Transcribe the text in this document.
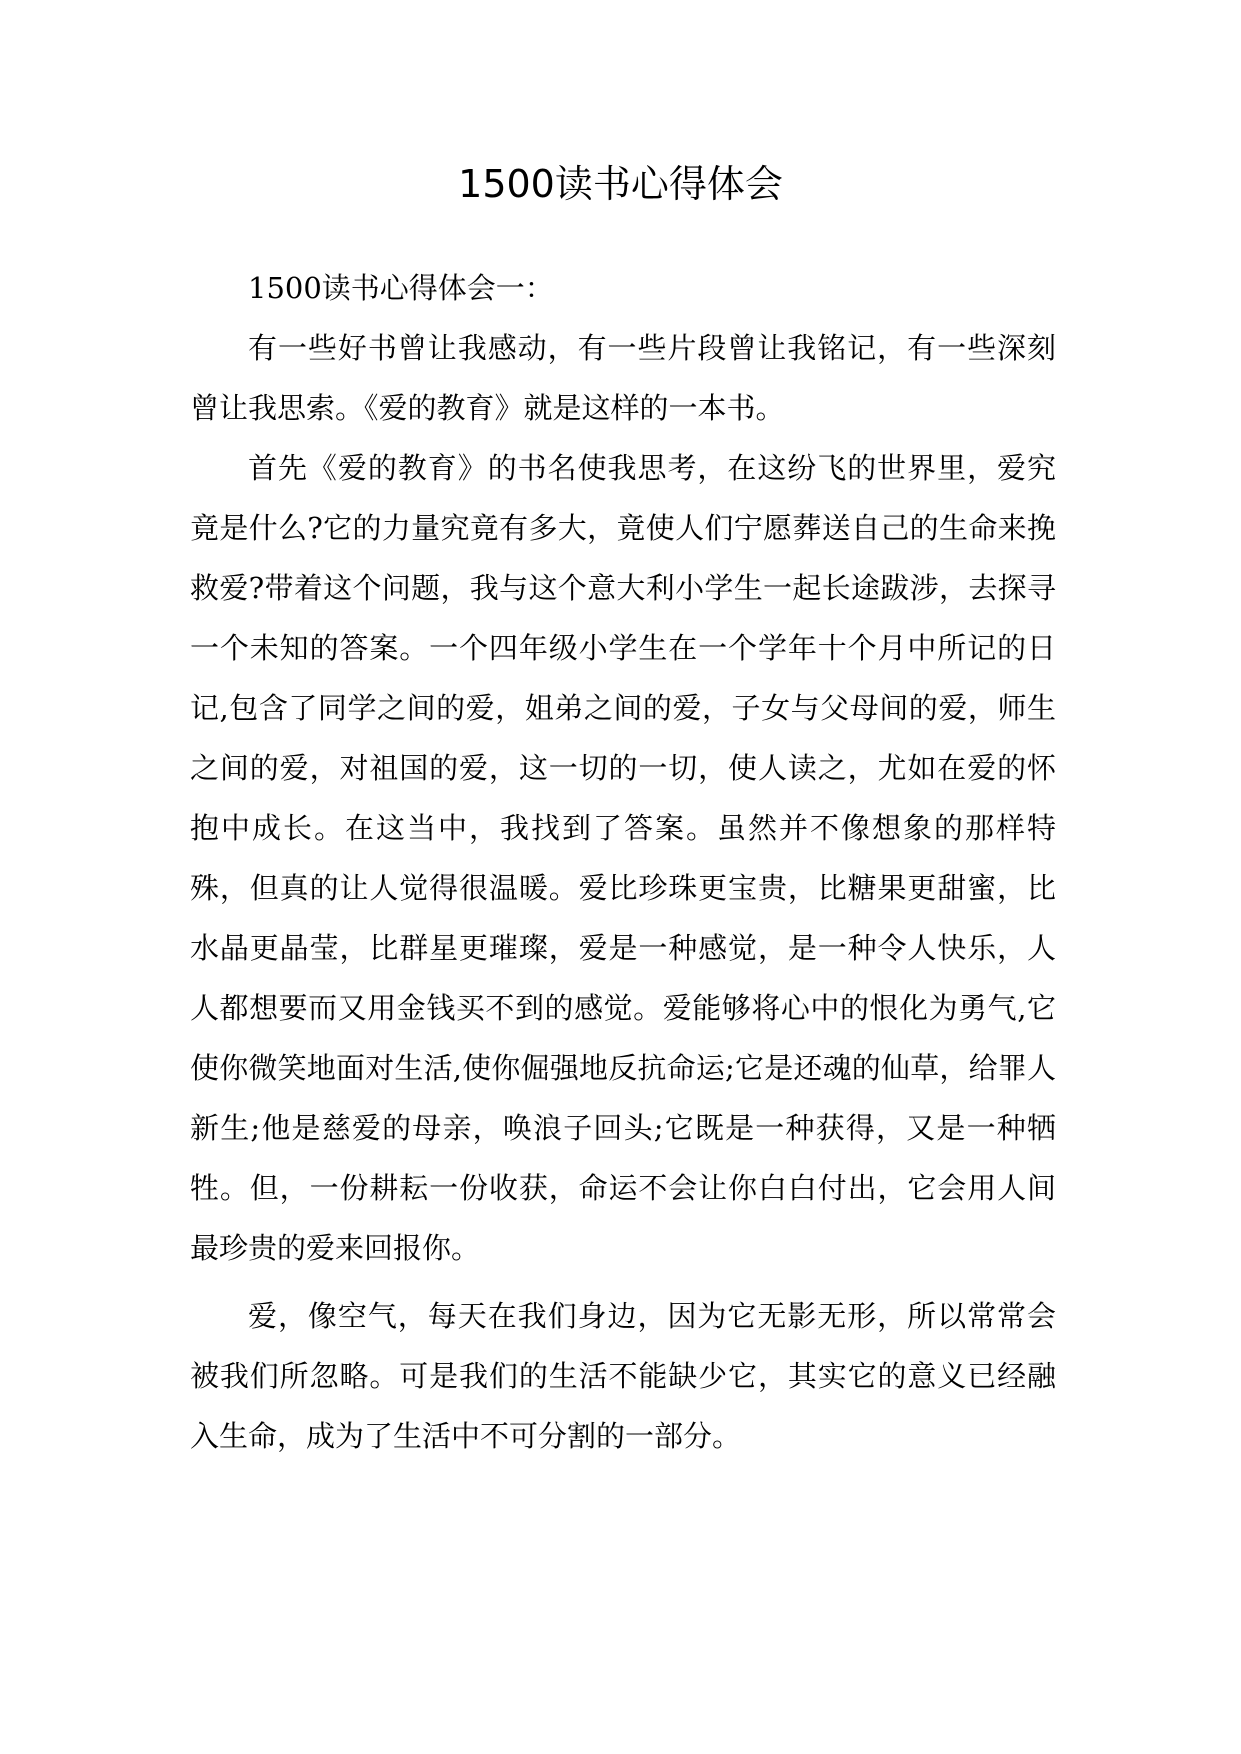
1500读书心得体会

1500读书心得体会一：

有一些好书曾让我感动，有一些片段曾让我铭记，有一些深刻曾让我思索。《爱的教育》就是这样的一本书。

首先《爱的教育》的书名使我思考，在这纷飞的世界里，爱究竟是什么?它的力量究竟有多大，竟使人们宁愿葬送自己的生命来挽救爱?带着这个问题，我与这个意大利小学生一起长途跋涉，去探寻一个未知的答案。一个四年级小学生在一个学年十个月中所记的日记,包含了同学之间的爱，姐弟之间的爱，子女与父母间的爱，师生之间的爱，对祖国的爱，这一切的一切，使人读之，尤如在爱的怀抱中成长。在这当中，我找到了答案。虽然并不像想象的那样特殊，但真的让人觉得很温暖。爱比珍珠更宝贵，比糖果更甜蜜，比水晶更晶莹，比群星更璀璨，爱是一种感觉，是一种令人快乐，人人都想要而又用金钱买不到的感觉。爱能够将心中的恨化为勇气,它使你微笑地面对生活,使你倔强地反抗命运;它是还魂的仙草，给罪人新生;他是慈爱的母亲，唤浪子回头;它既是一种获得，又是一种牺牲。但，一份耕耘一份收获，命运不会让你白白付出，它会用人间最珍贵的爱来回报你。

爱，像空气，每天在我们身边，因为它无影无形，所以常常会被我们所忽略。可是我们的生活不能缺少它，其实它的意义已经融入生命，成为了生活中不可分割的一部分。
